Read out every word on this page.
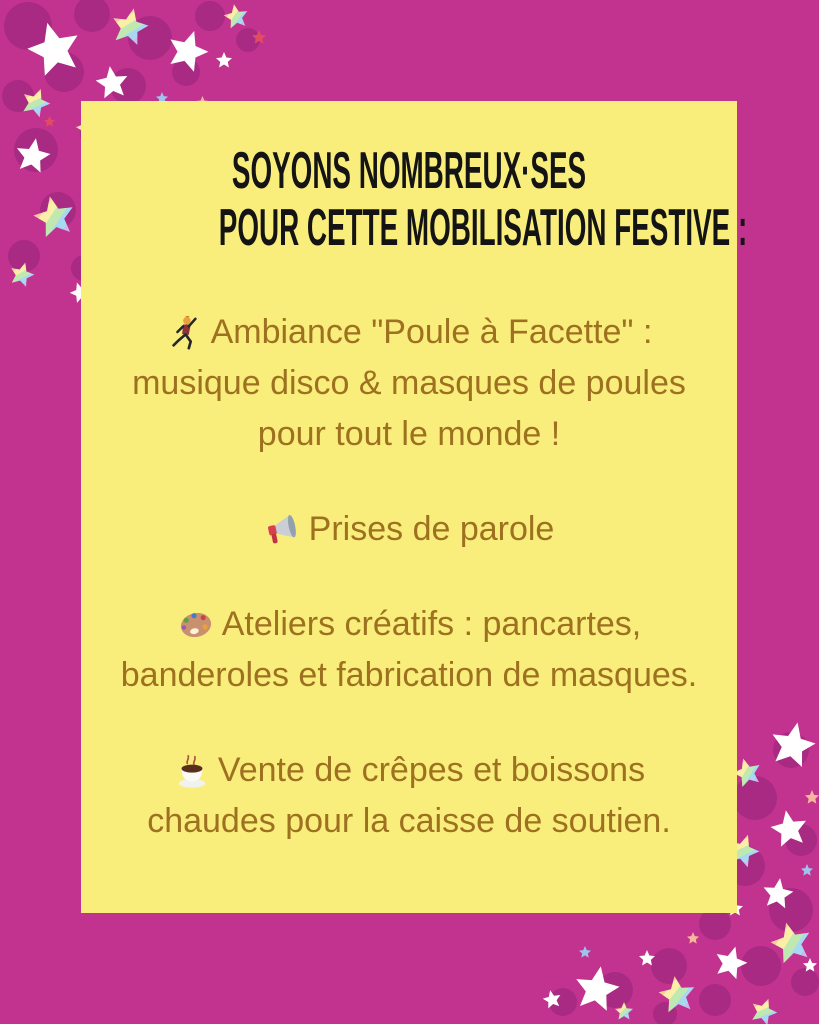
SOYONS NOMBREUX·SES
POUR CETTE MOBILISATION FESTIVE :

Ambiance "Poule à Facette" : musique disco & masques de poules pour tout le monde !

Prises de parole

Ateliers créatifs : pancartes, banderoles et fabrication de masques.

Vente de crêpes et boissons chaudes pour la caisse de soutien.
